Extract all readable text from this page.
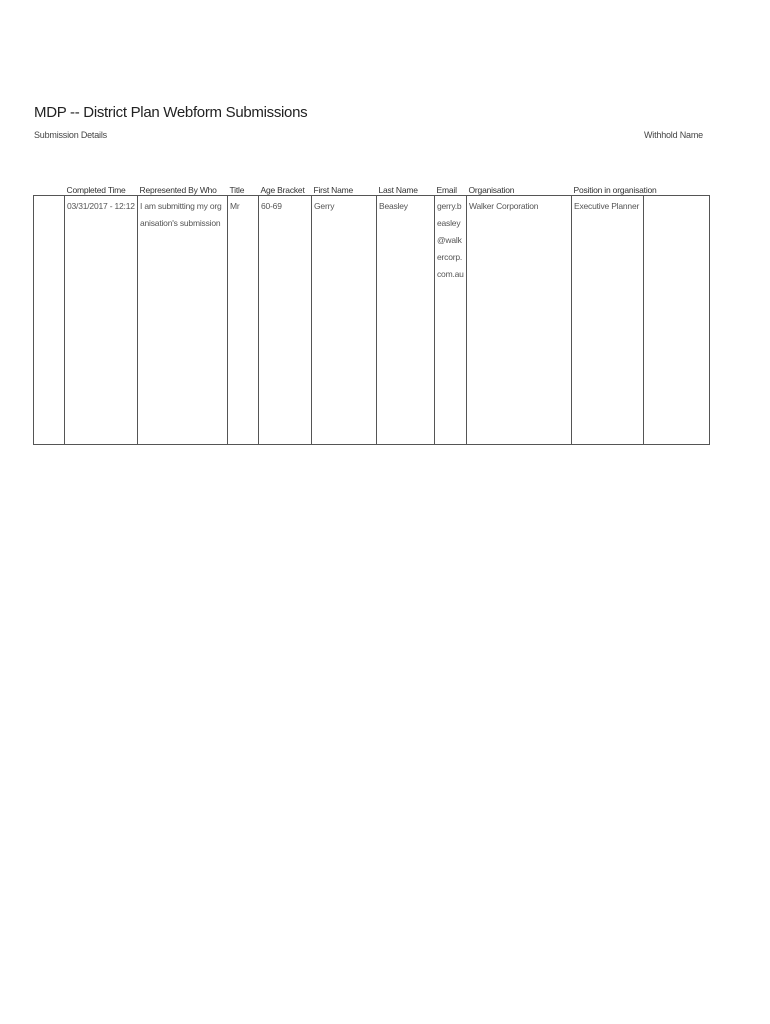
MDP -- District Plan Webform Submissions
Submission Details	Withhold Name
	Completed Time	Represented By Who	Title	Age Bracket	First Name	Last Name	Email	Organisation	Position in organisation	
	03/31/2017 - 12:12	I am submitting my organisation's submission	Mr	60-69	Gerry	Beasley	gerry.beasley@walkercorp.com.au	Walker Corporation	Executive Planner	
